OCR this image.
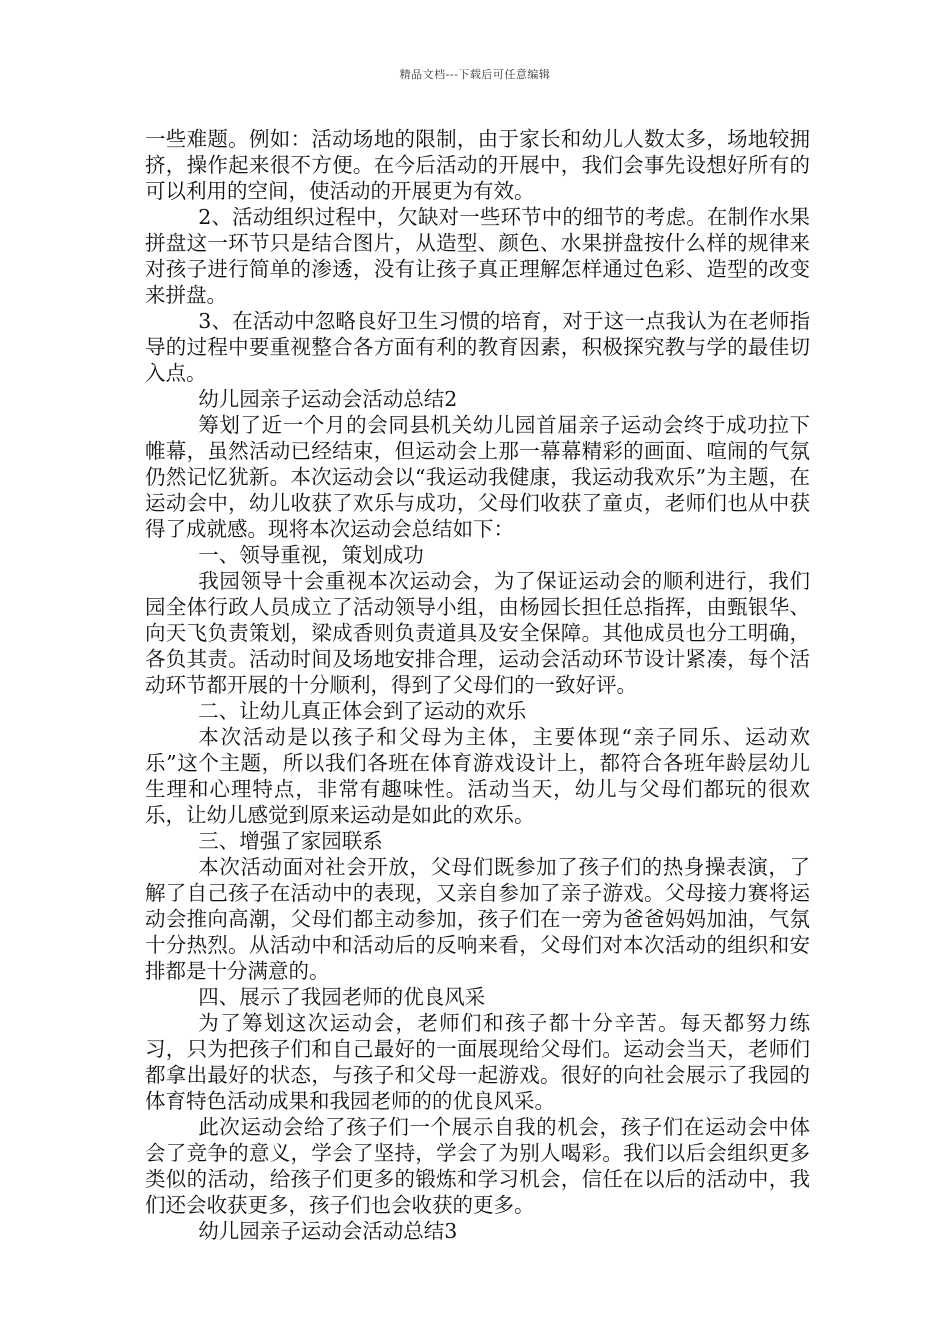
精品文档---下载后可任意编辑

一些难题。例如：活动场地的限制，由于家长和幼儿人数太多，场地较拥挤，操作起来很不方便。在今后活动的开展中，我们会事先设想好所有的可以利用的空间，使活动的开展更为有效。

2、活动组织过程中，欠缺对一些环节中的细节的考虑。在制作水果拼盘这一环节只是结合图片，从造型、颜色、水果拼盘按什么样的规律来对孩子进行简单的渗透，没有让孩子真正理解怎样通过色彩、造型的改变来拼盘。

3、在活动中忽略良好卫生习惯的培育，对于这一点我认为在老师指导的过程中要重视整合各方面有利的教育因素，积极探究教与学的最佳切入点。

幼儿园亲子运动会活动总结2

筹划了近一个月的会同县机关幼儿园首届亲子运动会终于成功拉下帷幕，虽然活动已经结束，但运动会上那一幕幕精彩的画面、喧闹的气氛仍然记忆犹新。本次运动会以“我运动我健康，我运动我欢乐”为主题，在运动会中，幼儿收获了欢乐与成功，父母们收获了童贞，老师们也从中获得了成就感。现将本次运动会总结如下：

一、领导重视，策划成功

我园领导十会重视本次运动会，为了保证运动会的顺利进行，我们园全体行政人员成立了活动领导小组，由杨园长担任总指挥，由甄银华、向天飞负责策划，梁成香则负责道具及安全保障。其他成员也分工明确，各负其责。活动时间及场地安排合理，运动会活动环节设计紧凑，每个活动环节都开展的十分顺利，得到了父母们的一致好评。

二、让幼儿真正体会到了运动的欢乐

本次活动是以孩子和父母为主体，主要体现“亲子同乐、运动欢乐”这个主题，所以我们各班在体育游戏设计上，都符合各班年龄层幼儿生理和心理特点，非常有趣味性。活动当天，幼儿与父母们都玩的很欢乐，让幼儿感觉到原来运动是如此的欢乐。

三、增强了家园联系

本次活动面对社会开放，父母们既参加了孩子们的热身操表演，了解了自己孩子在活动中的表现，又亲自参加了亲子游戏。父母接力赛将运动会推向高潮，父母们都主动参加，孩子们在一旁为爸爸妈妈加油，气氛十分热烈。从活动中和活动后的反响来看，父母们对本次活动的组织和安排都是十分满意的。

四、展示了我园老师的优良风采

为了筹划这次运动会，老师们和孩子都十分辛苦。每天都努力练习，只为把孩子们和自己最好的一面展现给父母们。运动会当天，老师们都拿出最好的状态，与孩子和父母一起游戏。很好的向社会展示了我园的体育特色活动成果和我园老师的的优良风采。

此次运动会给了孩子们一个展示自我的机会，孩子们在运动会中体会了竞争的意义，学会了坚持，学会了为别人喝彩。我们以后会组织更多类似的活动，给孩子们更多的锻炼和学习机会，信任在以后的活动中，我们还会收获更多，孩子们也会收获的更多。

幼儿园亲子运动会活动总结3
